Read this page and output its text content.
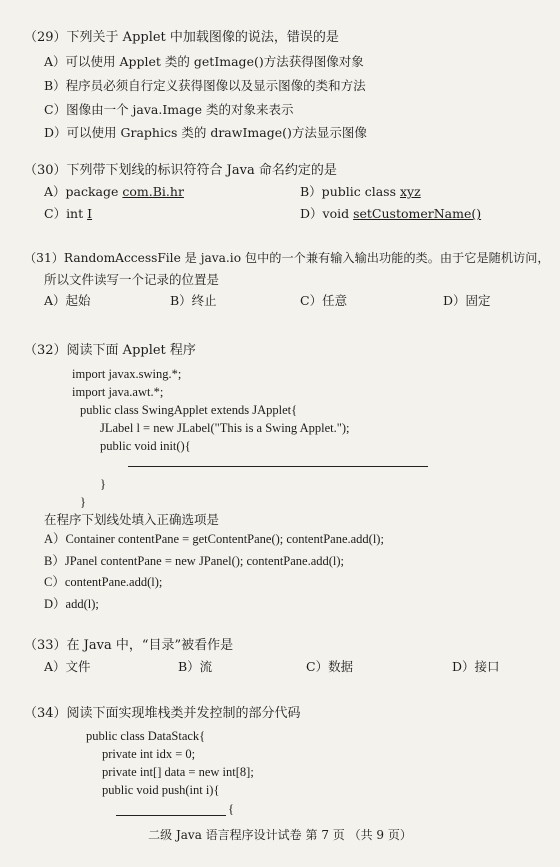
（29）下列关于 Applet 中加载图像的说法，错误的是
A）可以使用 Applet 类的 getImage()方法获得图像对象
B）程序员必须自行定义获得图像以及显示图像的类和方法
C）图像由一个 java.Image 类的对象来表示
D）可以使用 Graphics 类的 drawImage()方法显示图像
（30）下列带下划线的标识符符合 Java 命名约定的是
A）package com.Bi.hr	B）public class xyz
C）int I	D）void setCustomerName()
（31）RandomAccessFile 是 java.io 包中的一个兼有输入输出功能的类。由于它是随机访问，
所以文件读写一个记录的位置是
A）起始	B）终止	C）任意	D）固定
（32）阅读下面 Applet 程序
import javax.swing.*;
import java.awt.*;
public class SwingApplet extends JApplet{
JLabel l = new JLabel("This is a Swing Applet.");
public void init(){
}
}
在程序下划线处填入正确选项是
A）Container contentPane = getContentPane(); contentPane.add(l);
B）JPanel contentPane = new JPanel(); contentPane.add(l);
C）contentPane.add(l);
D）add(l);
（33）在 Java 中，“目录”被看作是
A）文件	B）流	C）数据	D）接口
（34）阅读下面实现堆栈类并发控制的部分代码
public class DataStack{
private int idx = 0;
private int[] data = new int[8];
public void push(int i){
{
二级 Java 语言程序设计试卷 第 7 页 （共 9 页）
